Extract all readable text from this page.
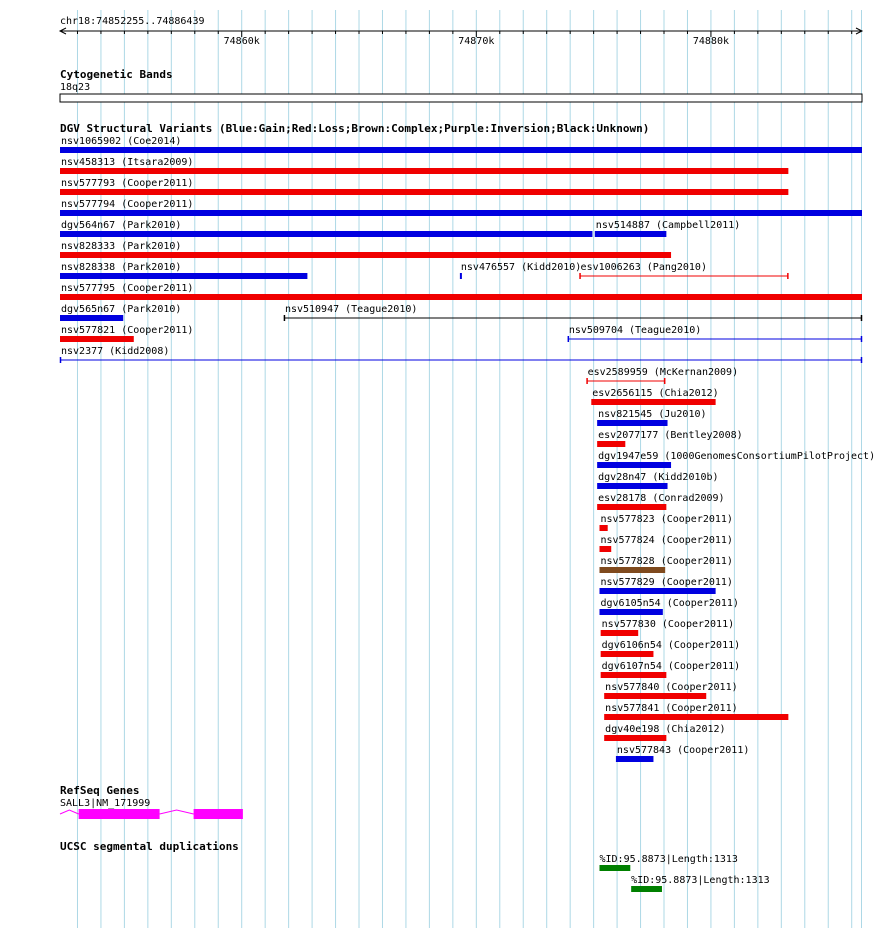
chr18:74852255..74886439
74860k	74870k	74880k
Cytogenetic Bands
18q23
DGV Structural Variants (Blue:Gain;Red:Loss;Brown:Complex;Purple:Inversion;Black:Unknown)
nsv1065902 (Coe2014)
nsv458313 (Itsara2009)
nsv577793 (Cooper2011)
nsv577794 (Cooper2011)
dgv564n67 (Park2010)	nsv514887 (Campbell2011)
nsv828333 (Park2010)
nsv828338 (Park2010)	nsv476557 (Kidd2010) esv1006263 (Pang2010)
nsv577795 (Cooper2011)
dgv565n67 (Park2010)	nsv510947 (Teague2010)
nsv577821 (Cooper2011)	nsv509704 (Teague2010)
nsv2377 (Kidd2008)
esv2589959 (McKernan2009)
esv2656115 (Chia2012)
nsv821545 (Ju2010)
esv2077177 (Bentley2008)
dgv1947e59 (1000GenomesConsortiumPilotProject)
dgv28n47 (Kidd2010b)
esv28178 (Conrad2009)
nsv577823 (Cooper2011)
nsv577824 (Cooper2011)
nsv577828 (Cooper2011)
nsv577829 (Cooper2011)
dgv6105n54 (Cooper2011)
nsv577830 (Cooper2011)
dgv6106n54 (Cooper2011)
dgv6107n54 (Cooper2011)
nsv577840 (Cooper2011)
nsv577841 (Cooper2011)
dgv40e198 (Chia2012)
nsv577843 (Cooper2011)
RefSeq Genes
SALL3|NM_171999
UCSC segmental duplications
%ID:95.8873|Length:1313
%ID:95.8873|Length:1313
